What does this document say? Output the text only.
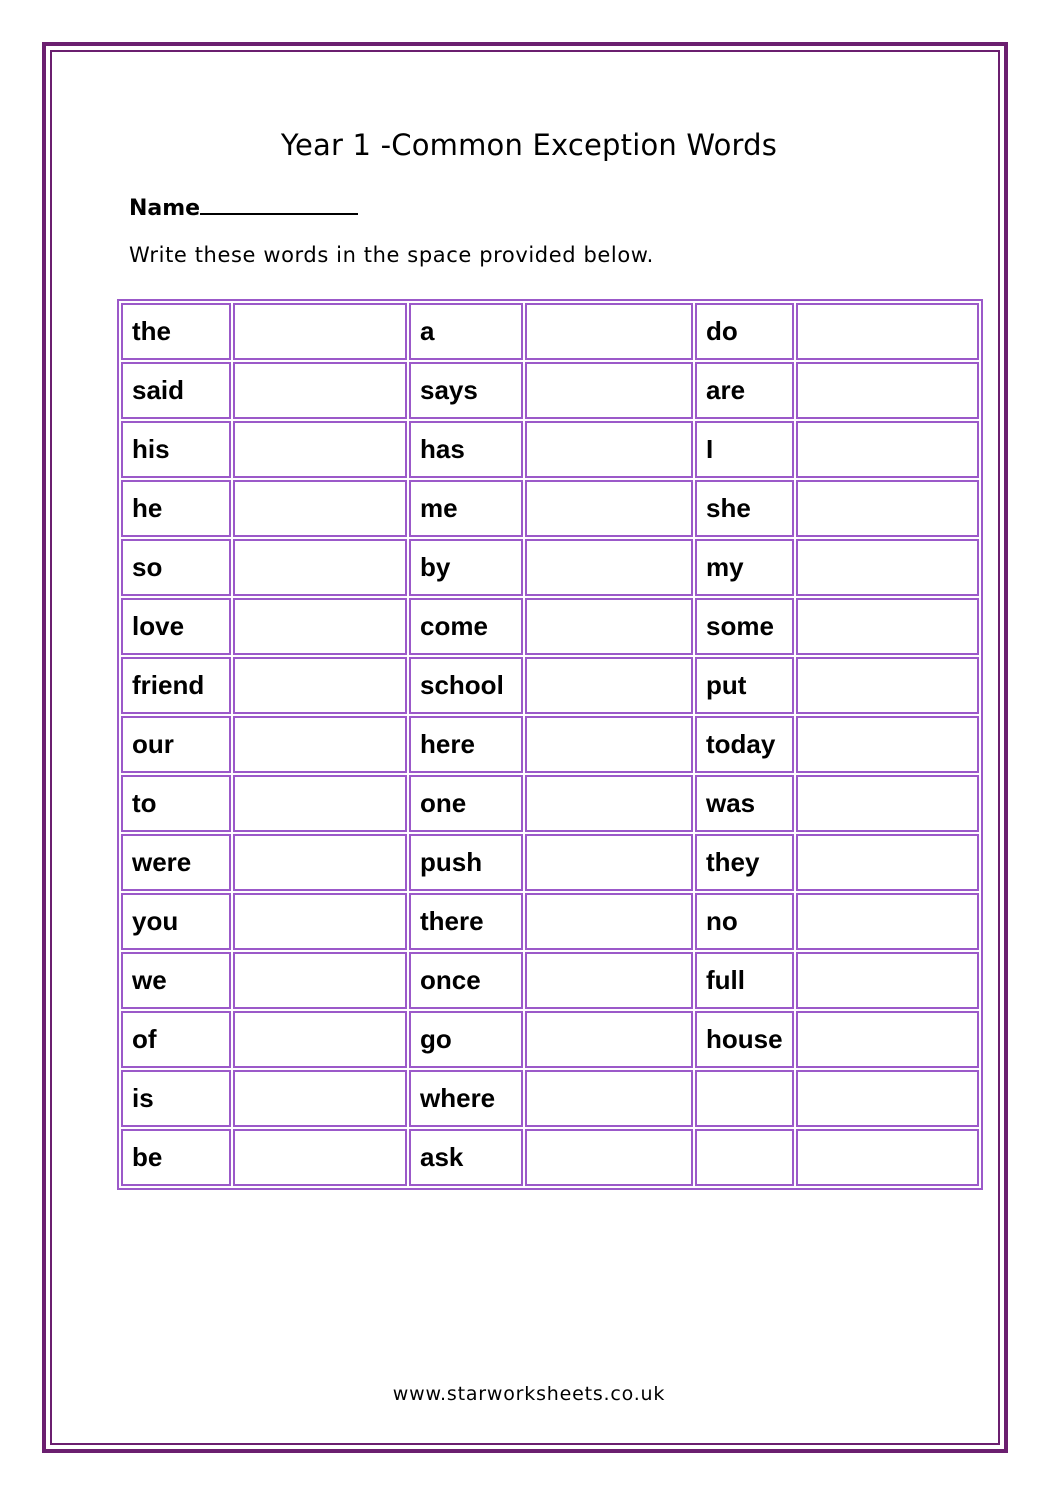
Year 1 -Common Exception Words
Name
Write these words in the space provided below.
the		a		do	
said		says		are	
his		has		I	
he		me		she	
so		by		my	
love		come		some	
friend		school		put	
our		here		today	
to		one		was	
were		push		they	
you		there		no	
we		once		full	
of		go		house	
is		where			
be		ask			
www.starworksheets.co.uk
